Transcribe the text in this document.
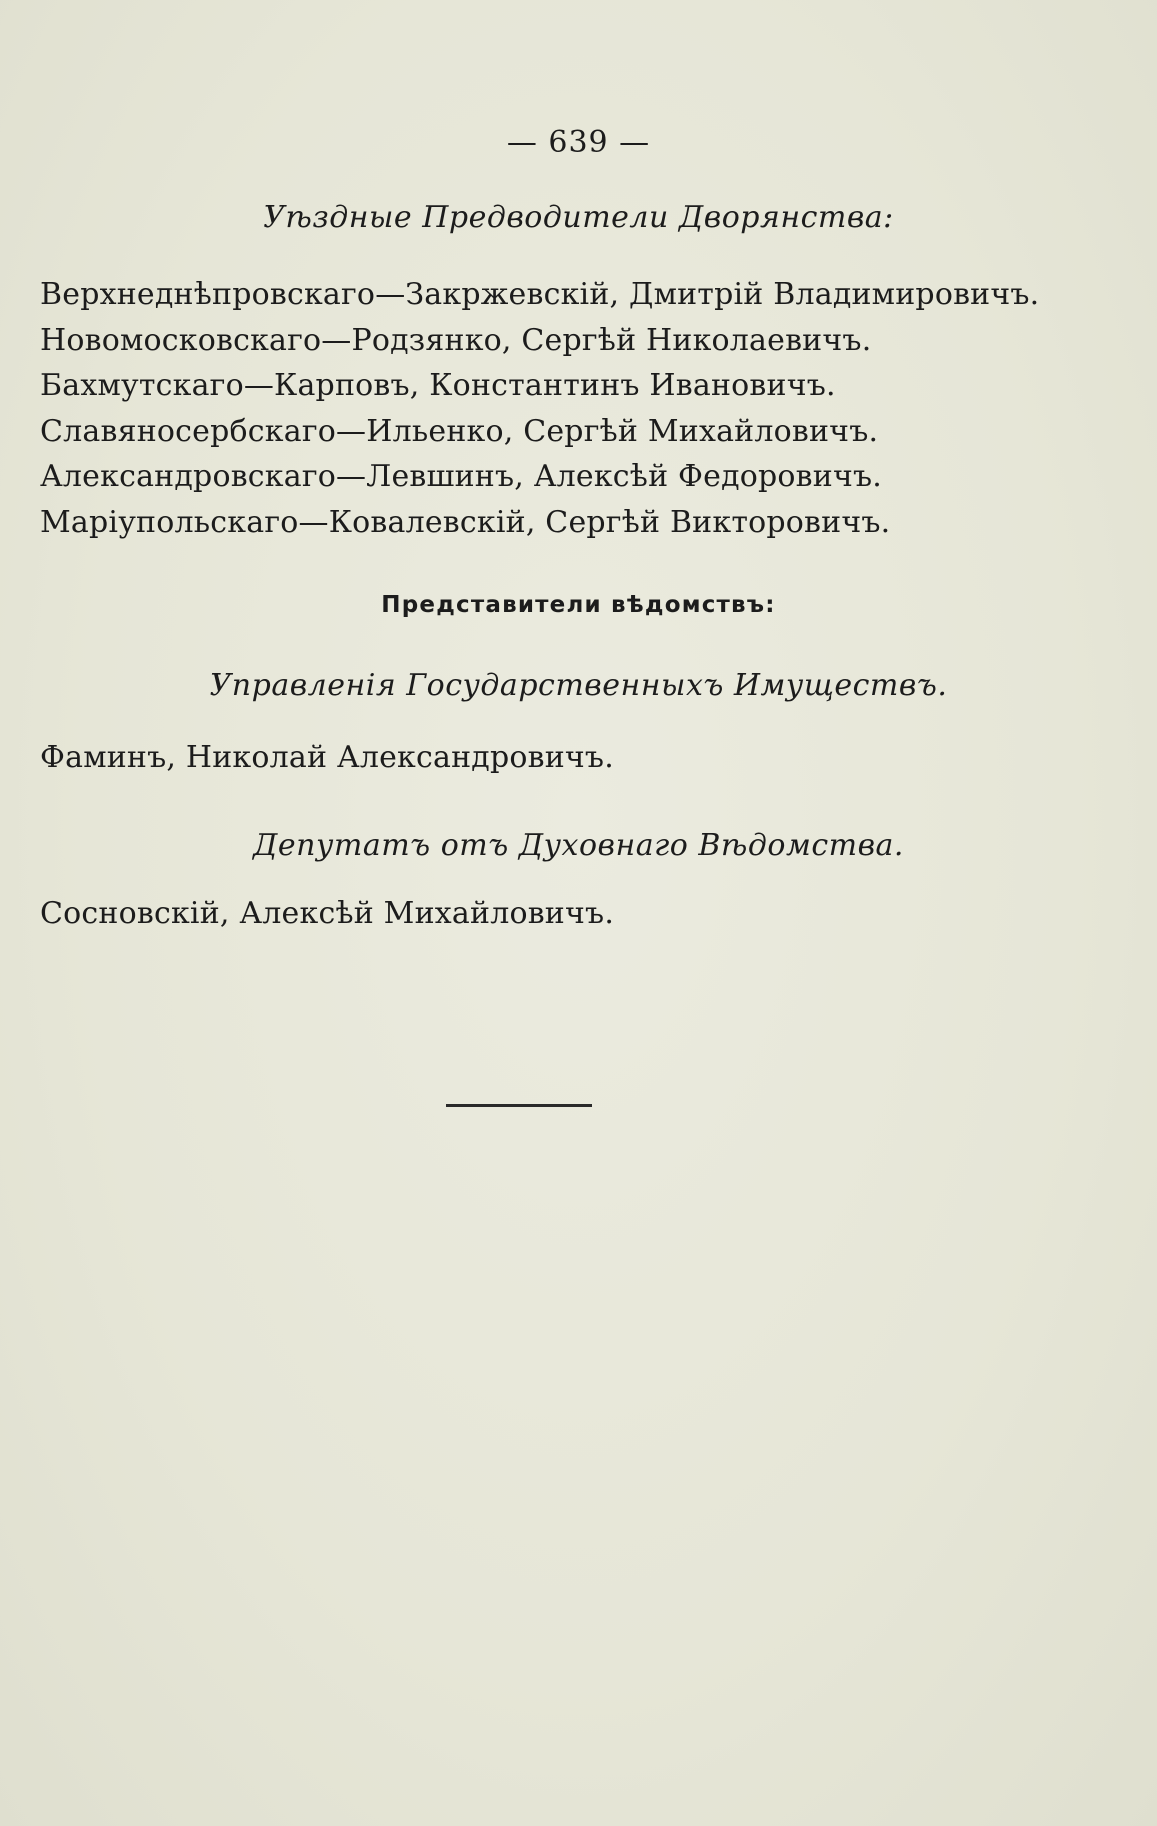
— 639 —
Уѣздные Предводители Дворянства:
Верхнеднѣпровскаго—Закржевскій, Дмитрій Владимировичъ.
Новомосковскаго—Родзянко, Сергѣй Николаевичъ.
Бахмутскаго—Карповъ, Константинъ Ивановичъ.
Славяносербскаго—Ильенко, Сергѣй Михайловичъ.
Александровскаго—Левшинъ, Алексѣй Федоровичъ.
Маріупольскаго—Ковалевскій, Сергѣй Викторовичъ.
Представители вѣдомствъ:
Управленія Государственныхъ Имуществъ.
Фаминъ, Николай Александровичъ.
Депутатъ отъ Духовнаго Вѣдомства.
Сосновскій, Алексѣй Михайловичъ.
